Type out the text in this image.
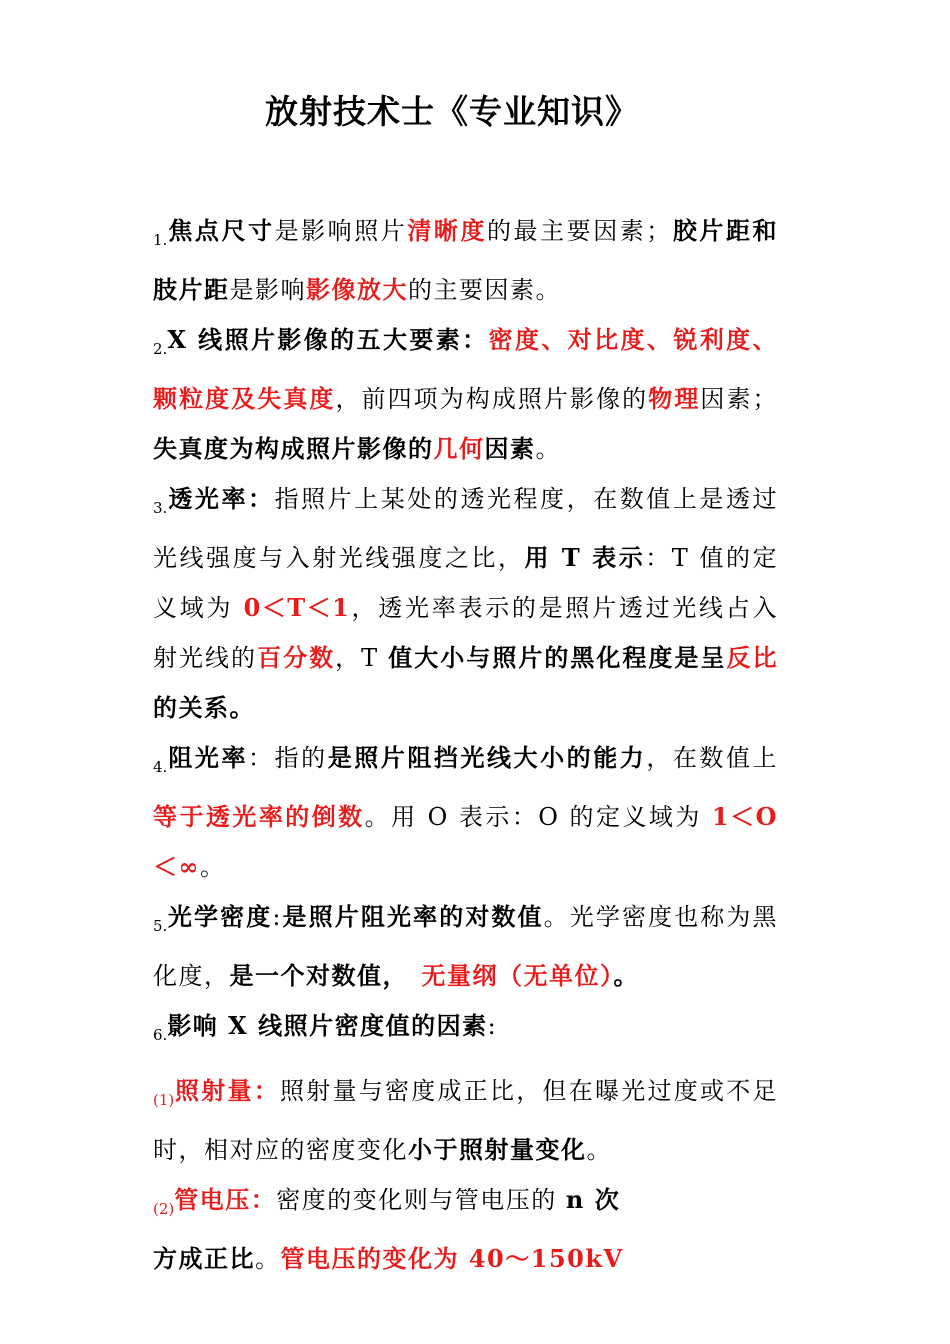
放射技术士《专业知识》

$_{1.}$焦点尺寸是影响照片清晰度的最主要因素；胶片距和肢片距是影响影像放大的主要因素。

$_{2.}$X 线照片影像的五大要素：密度、对比度、锐利度、颗粒度及失真度，前四项为构成照片影像的物理因素；失真度为构成照片影像的几何因素。

$_{3.}$透光率：指照片上某处的透光程度，在数值上是透过光线强度与入射光线强度之比，用 T 表示：T 值的定义域为 0＜T＜1，透光率表示的是照片透过光线占入射光线的百分数，T 值大小与照片的黑化程度是呈反比的关系。

$_{4.}$阻光率：指的是照片阻挡光线大小的能力，在数值上等于透光率的倒数。用 O 表示：O 的定义域为 1＜O＜∞。

$_{5.}$光学密度:是照片阻光率的对数值。光学密度也称为黑化度，是一个对数值，　 无量纲（无单位）。

$_{6.}$影响 X 线照片密度值的因素:

$_{(1)}$照射量：照射量与密度成正比，但在曝光过度或不足时，相对应的密度变化小于照射量变化。

$_{(2)}$管电压：密度的变化则与管电压的 n 次
方成正比。管电压的变化为 40～150kV
